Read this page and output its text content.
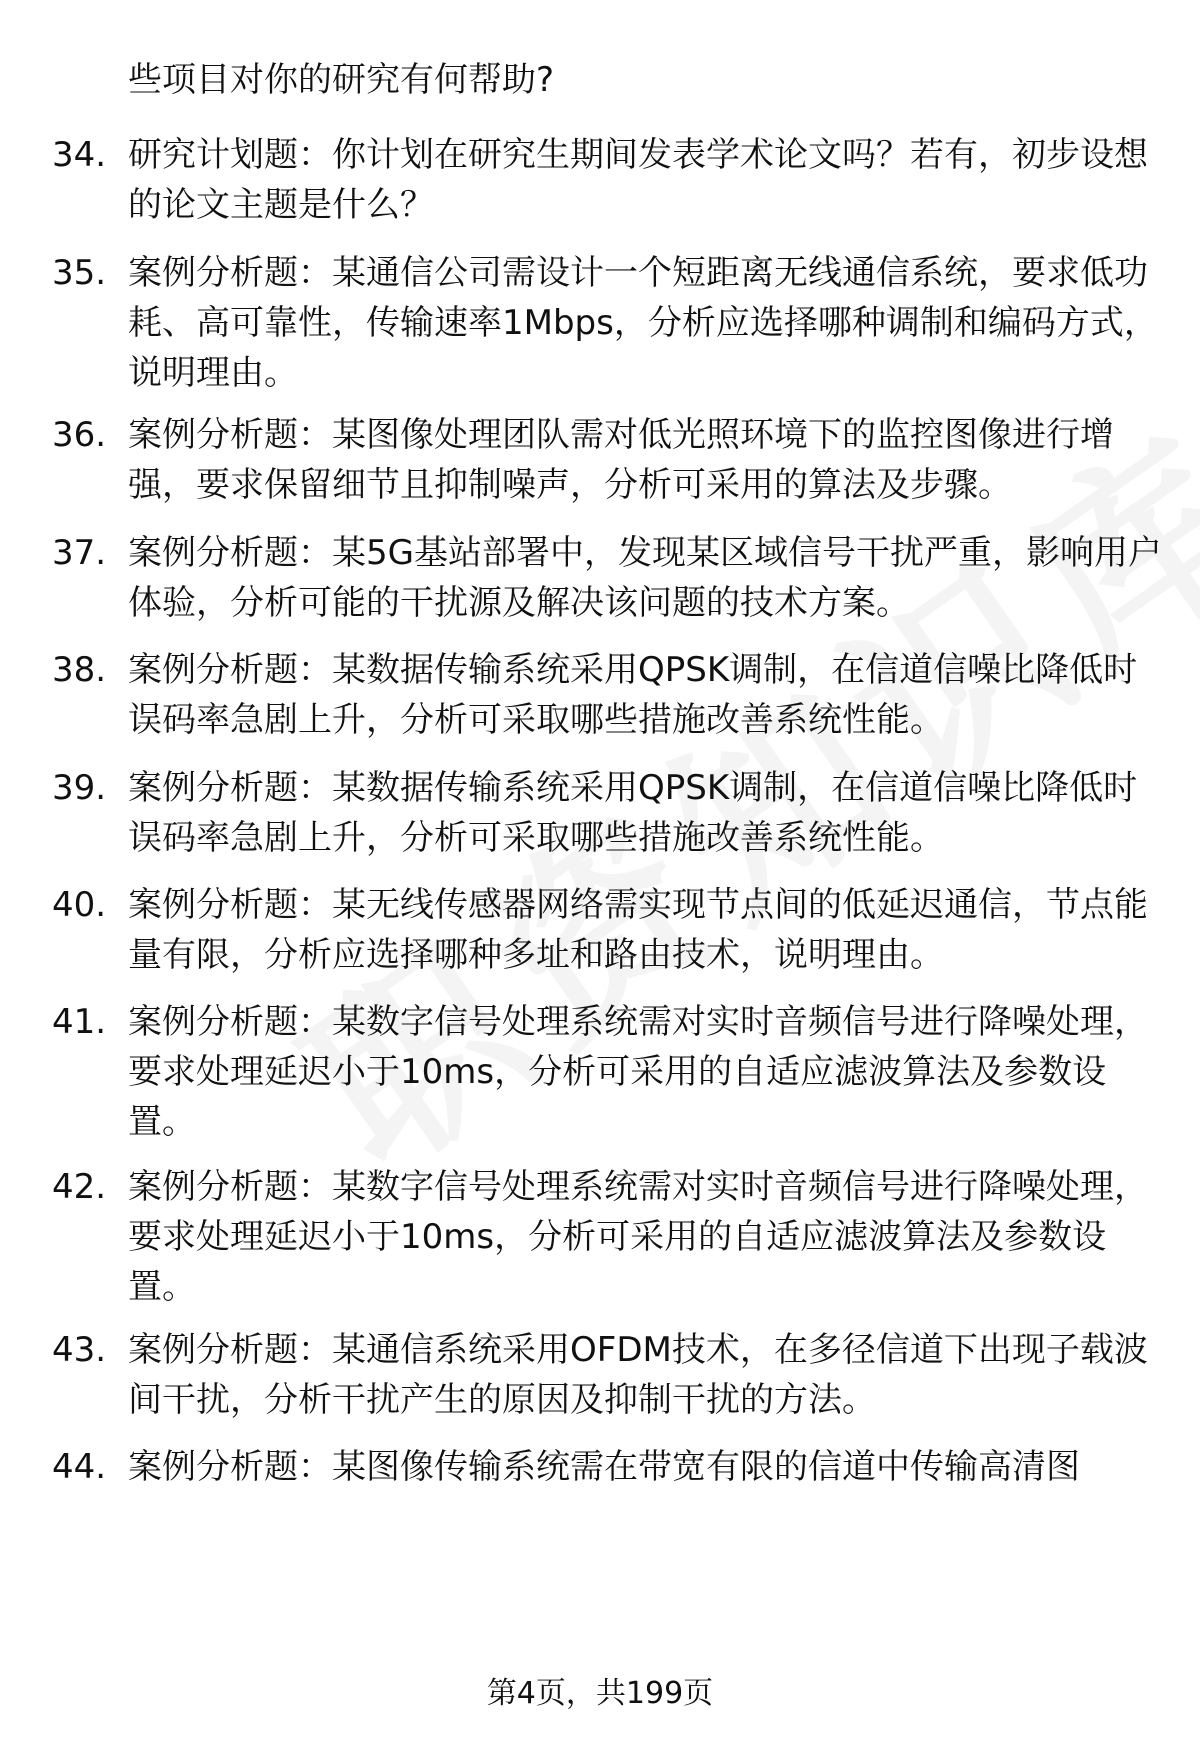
些项目对你的研究有何帮助?

34. 研究计划题：你计划在研究生期间发表学术论文吗？若有，初步设想的论文主题是什么？
35. 案例分析题：某通信公司需设计一个短距离无线通信系统，要求低功耗、高可靠性，传输速率1Mbps，分析应选择哪种调制和编码方式，说明理由。
36. 案例分析题：某图像处理团队需对低光照环境下的监控图像进行增强，要求保留细节且抑制噪声，分析可采用的算法及步骤。
37. 案例分析题：某5G基站部署中，发现某区域信号干扰严重，影响用户体验，分析可能的干扰源及解决该问题的技术方案。
38. 案例分析题：某数据传输系统采用QPSK调制，在信道信噪比降低时误码率急剧上升，分析可采取哪些措施改善系统性能。
39. 案例分析题：某数据传输系统采用QPSK调制，在信道信噪比降低时误码率急剧上升，分析可采取哪些措施改善系统性能。
40. 案例分析题：某无线传感器网络需实现节点间的低延迟通信，节点能量有限，分析应选择哪种多址和路由技术，说明理由。
41. 案例分析题：某数字信号处理系统需对实时音频信号进行降噪处理，要求处理延迟小于10ms，分析可采用的自适应滤波算法及参数设置。
42. 案例分析题：某数字信号处理系统需对实时音频信号进行降噪处理，要求处理延迟小于10ms，分析可采用的自适应滤波算法及参数设置。
43. 案例分析题：某通信系统采用OFDM技术，在多径信道下出现子载波间干扰，分析干扰产生的原因及抑制干扰的方法。
44. 案例分析题：某图像传输系统需在带宽有限的信道中传输高清图
第4页，共199页
